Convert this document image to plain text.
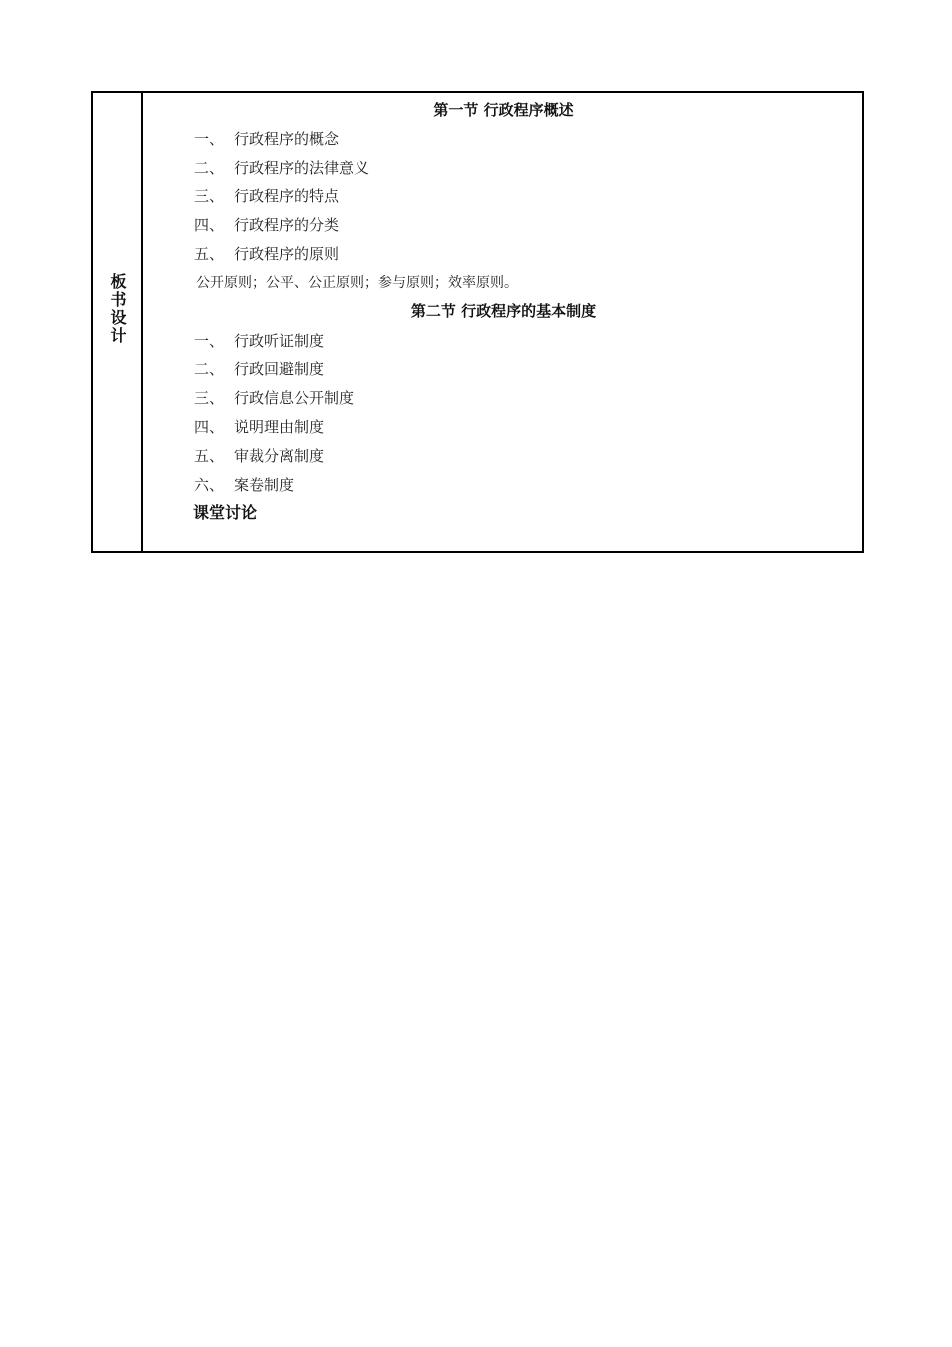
板书设计
第一节 行政程序概述
一、 行政程序的概念
二、 行政程序的法律意义
三、 行政程序的特点
四、 行政程序的分类
五、 行政程序的原则
公开原则；公平、公正原则；参与原则；效率原则。
第二节 行政程序的基本制度
一、 行政听证制度
二、 行政回避制度
三、 行政信息公开制度
四、 说明理由制度
五、 审裁分离制度
六、 案卷制度
课堂讨论
